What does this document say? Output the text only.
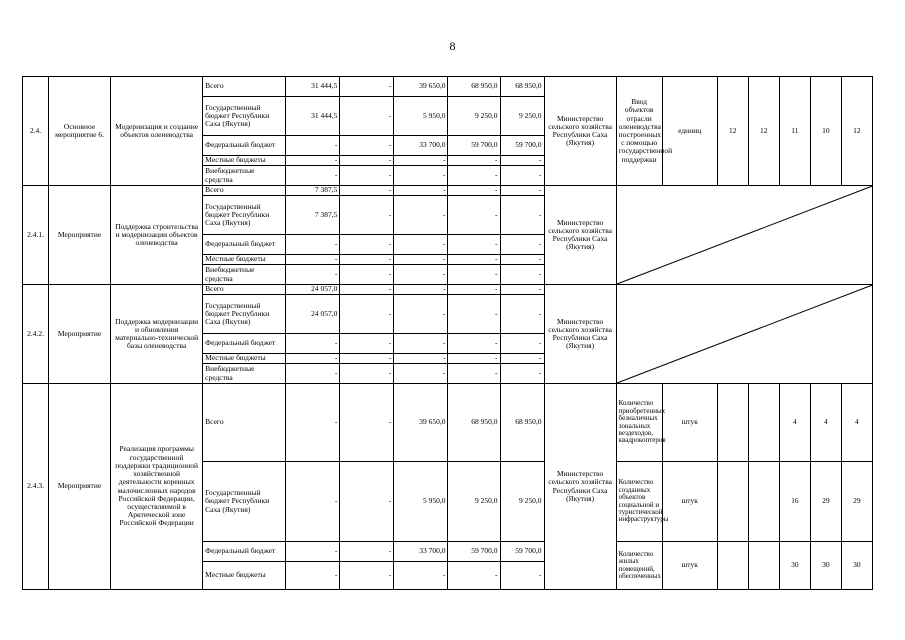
8
2.4.	Основное мероприятие 6.	Модернизация и создание объектов оленеводства	Всего	31 444,5	-	39 650,0	68 950,0	68 950,0	Министерство сельского хозяйства Республики Саха (Якутия)	Ввод объектов отрасли оленеводства построенных с помощью государственной поддержки	единиц	12	12	11	10	12
			Государственный бюджет Республики Саха (Якутия)	31 444,5	-	5 950,0	9 250,0	9 250,0								
			Федеральный бюджет	-	-	33 700,0	59 700,0	59 700,0								
			Местные бюджеты	-	-	-	-	-								
			Внебюджетные средства	-	-	-	-	-								
2.4.1.	Мероприятие	Поддержка строительства и модернизации объектов оленеводства	Всего	7 387,5	-	-	-	-	Министерство сельского хозяйства Республики Саха (Якутия)	

			Государственный бюджет Республики Саха (Якутия)	7 387,5	-	-	-	-								
			Федеральный бюджет	-	-	-	-	-								
			Местные бюджеты	-	-	-	-	-								
			Внебюджетные средства	-	-	-	-	-								
2.4.2.	Мероприятие	Поддержка модернизации и обновления материально-технической базы оленеводства	Всего	24 057,0	-	-	-	-	Министерство сельского хозяйства Республики Саха (Якутия)	

			Государственный бюджет Республики Саха (Якутия)	24 057,0	-	-	-	-								
			Федеральный бюджет	-	-	-	-	-								
			Местные бюджеты	-	-	-	-	-								
			Внебюджетные средства	-	-	-	-	-								
2.4.3.	Мероприятие	Реализация программы государственной поддержки традиционной хозяйственной деятельности коренных малочисленных народов Российской Федерации, осуществляемой в Арктической зоне Российской Федерации	Всего	-	-	39 650,0	68 950,0	68 950,0	Министерство сельского хозяйства Республики Саха (Якутия)	Количество приобретенных безналичных зональных вездеходов, квадрокоптеров	штук			4	4	4
			Государственный бюджет Республики Саха (Якутия)	-	-	5 950,0	9 250,0	9 250,0		Количество созданных объектов социальной и туристической инфраструктуры	штук			16	29	29
			Федеральный бюджет	-	-	33 700,0	59 700,0	59 700,0		Количество жилых помещений, обеспеченных	штук			30	30	30
			Местные бюджеты	-	-	-	-	-								
